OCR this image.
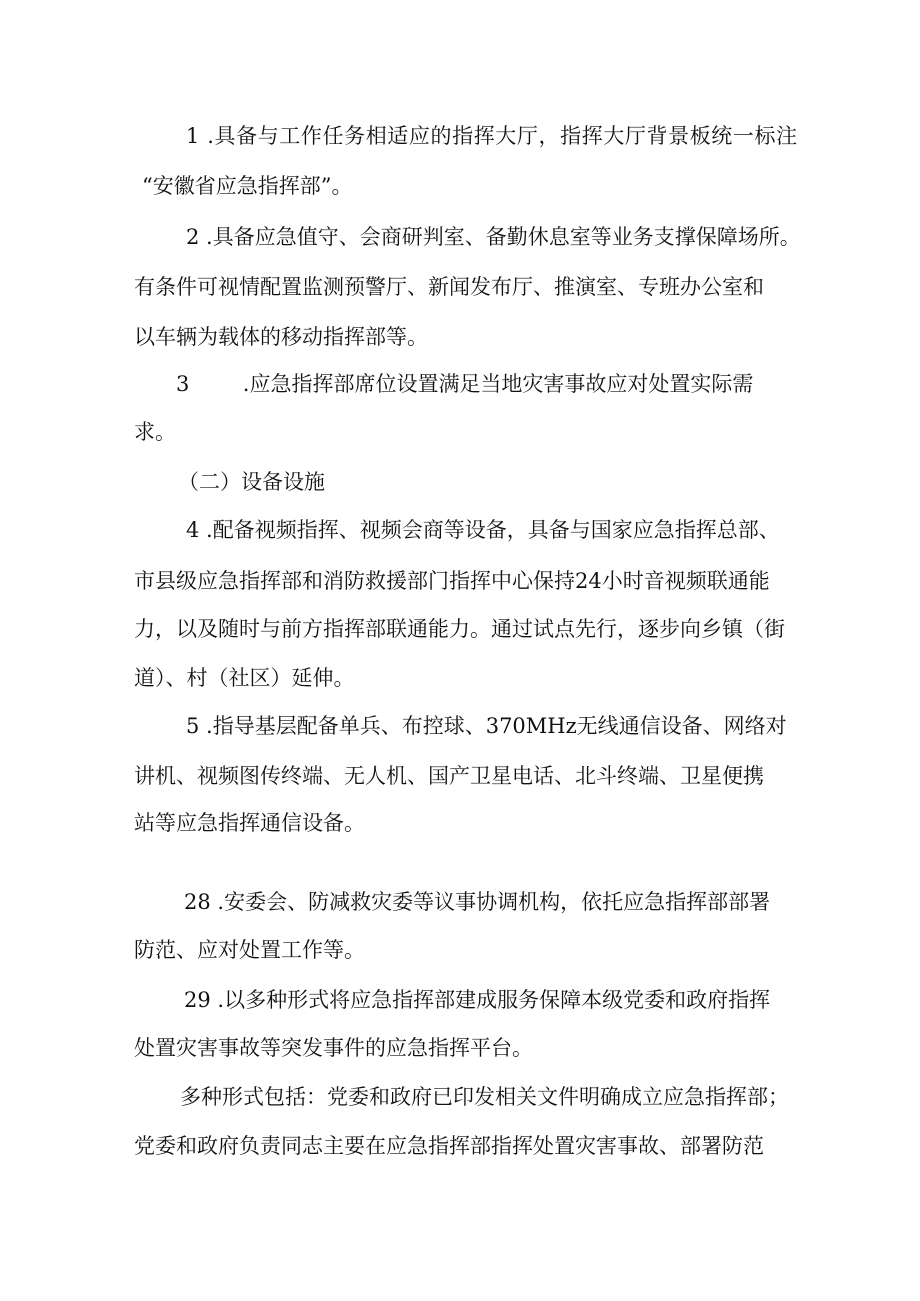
1 .具备与工作任务相适应的指挥大厅，指挥大厅背景板统一标注
“安徽省应急指挥部”。
2 .具备应急值守、会商研判室、备勤休息室等业务支撑保障场所。
有条件可视情配置监测预警厅、新闻发布厅、推演室、专班办公室和
以车辆为载体的移动指挥部等。
3        .应急指挥部席位设置满足当地灾害事故应对处置实际需
求。
（二）设备设施
4 .配备视频指挥、视频会商等设备，具备与国家应急指挥总部、
市县级应急指挥部和消防救援部门指挥中心保持24小时音视频联通能
力，以及随时与前方指挥部联通能力。通过试点先行，逐步向乡镇（街
道）、村（社区）延伸。
5 .指导基层配备单兵、布控球、370MHz无线通信设备、网络对
讲机、视频图传终端、无人机、国产卫星电话、北斗终端、卫星便携
站等应急指挥通信设备。
28 .安委会、防减救灾委等议事协调机构，依托应急指挥部部署
防范、应对处置工作等。
29 .以多种形式将应急指挥部建成服务保障本级党委和政府指挥
处置灾害事故等突发事件的应急指挥平台。
多种形式包括：党委和政府已印发相关文件明确成立应急指挥部；
党委和政府负责同志主要在应急指挥部指挥处置灾害事故、部署防范
